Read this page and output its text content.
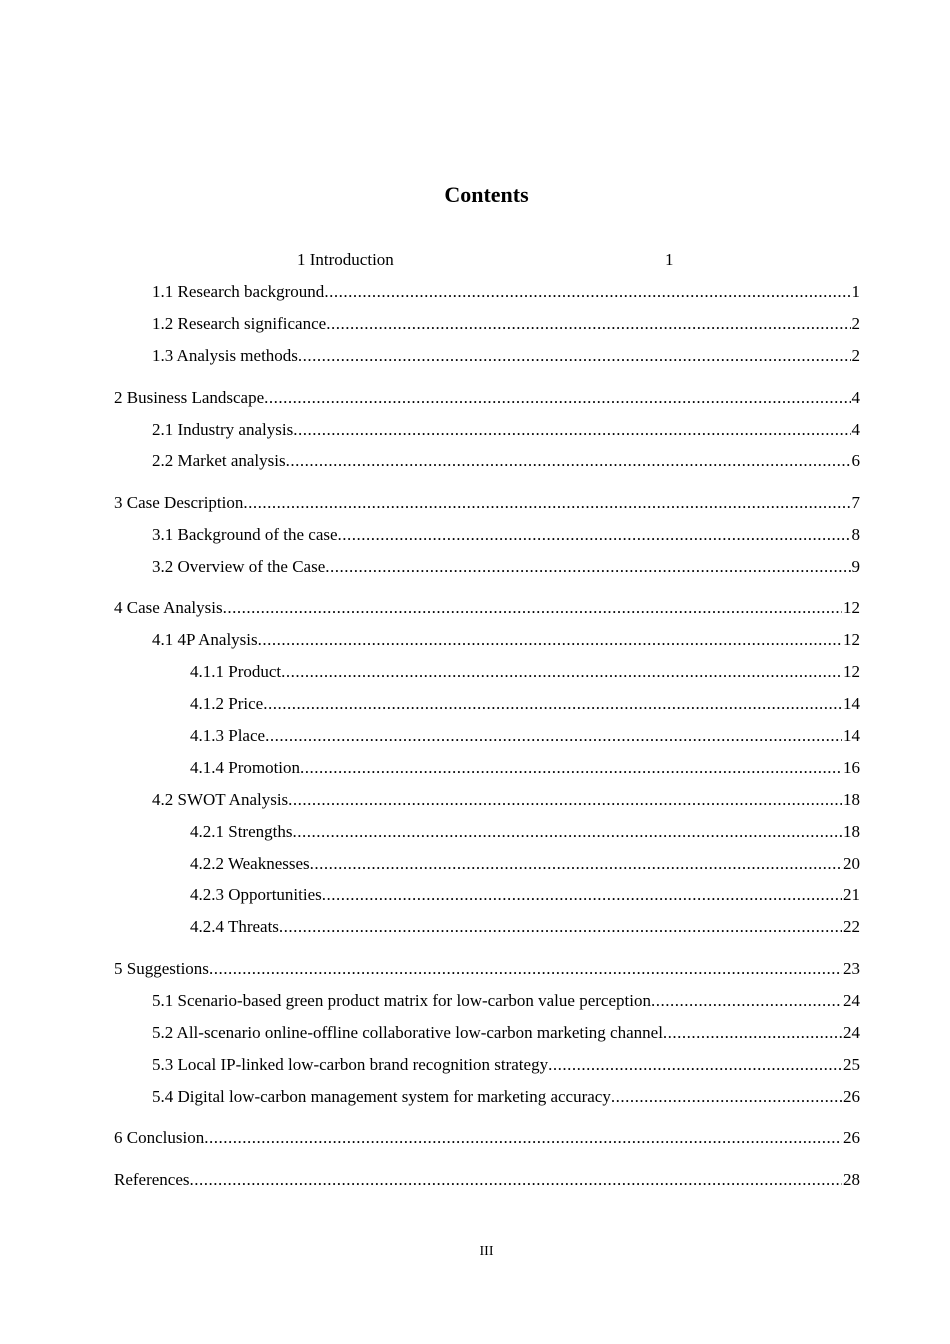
Contents
1 Introduction	1
1.1 Research background .....	1
1.2 Research significance .....	2
1.3 Analysis methods .....	2
2 Business Landscape .....	4
2.1 Industry analysis .....	4
2.2 Market analysis .....	6
3 Case Description .....	7
3.1 Background of the case .....	8
3.2 Overview of the Case .....	9
4 Case Analysis .....	12
4.1 4P Analysis .....	12
4.1.1 Product .....	12
4.1.2 Price .....	14
4.1.3 Place .....	14
4.1.4 Promotion .....	16
4.2 SWOT Analysis .....	18
4.2.1 Strengths .....	18
4.2.2 Weaknesses .....	20
4.2.3 Opportunities .....	21
4.2.4 Threats .....	22
5 Suggestions .....	23
5.1 Scenario-based green product matrix for low-carbon value perception .....	24
5.2 All-scenario online-offline collaborative low-carbon marketing channel .....	24
5.3 Local IP-linked low-carbon brand recognition strategy .....	25
5.4 Digital low-carbon management system for marketing accuracy .....	26
6 Conclusion .....	26
References .....	28
III
